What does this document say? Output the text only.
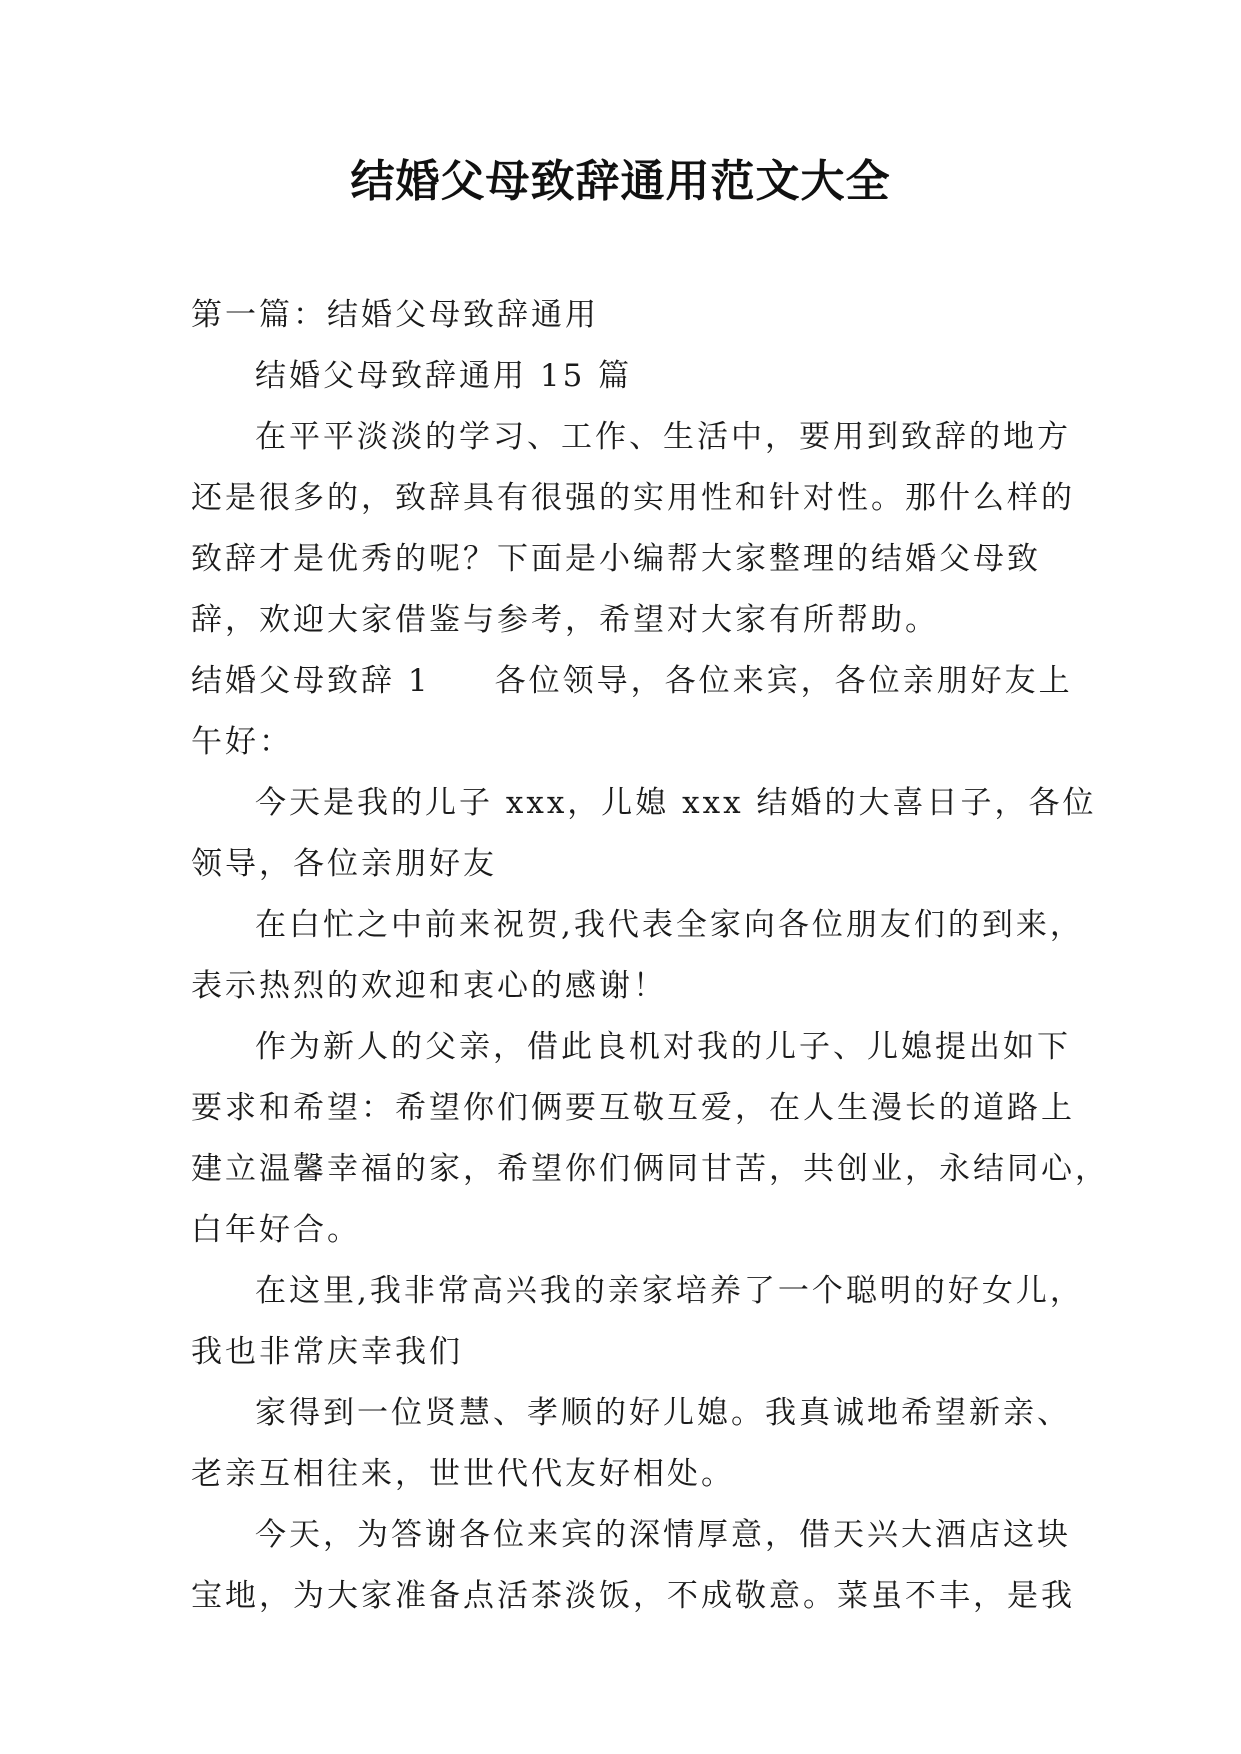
结婚父母致辞通用范文大全

第一篇：结婚父母致辞通用

结婚父母致辞通用 15 篇

在平平淡淡的学习、工作、生活中，要用到致辞的地方

还是很多的，致辞具有很强的实用性和针对性。那什么样的

致辞才是优秀的呢？下面是小编帮大家整理的结婚父母致

辞，欢迎大家借鉴与参考，希望对大家有所帮助。

结婚父母致辞 1 各位领导，各位来宾，各位亲朋好友上

午好：

今天是我的儿子 xxx，儿媳 xxx 结婚的大喜日子，各位

领导，各位亲朋好友

在白忙之中前来祝贺,我代表全家向各位朋友们的到来，

表示热烈的欢迎和衷心的感谢！

作为新人的父亲，借此良机对我的儿子、儿媳提出如下

要求和希望：希望你们俩要互敬互爱，在人生漫长的道路上

建立温馨幸福的家，希望你们俩同甘苦，共创业，永结同心，

白年好合。

在这里,我非常高兴我的亲家培养了一个聪明的好女儿，

我也非常庆幸我们

家得到一位贤慧、孝顺的好儿媳。我真诚地希望新亲、

老亲互相往来，世世代代友好相处。

今天，为答谢各位来宾的深情厚意，借天兴大酒店这块

宝地，为大家准备点活茶淡饭，不成敬意。菜虽不丰，是我
